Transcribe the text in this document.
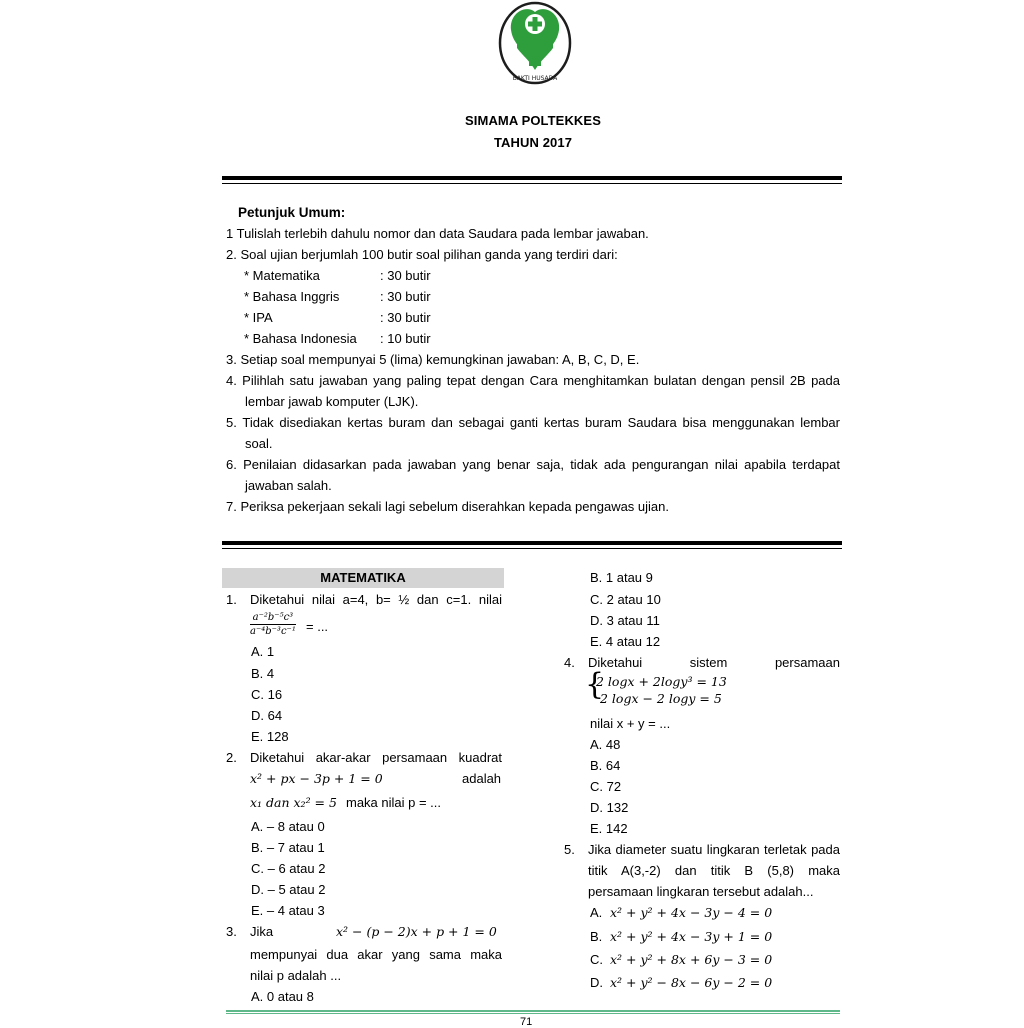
BAKTI HUSADA
SIMAMA POLTEKKES
TAHUN 2017
Petunjuk Umum:
1 Tulislah terlebih dahulu nomor dan data Saudara pada lembar jawaban.
2. Soal ujian berjumlah 100 butir soal pilihan ganda yang terdiri dari:
* Matematika	: 30 butir
* Bahasa Inggris	: 30 butir
* IPA	: 30 butir
* Bahasa Indonesia : 10 butir
3. Setiap soal mempunyai 5 (lima) kemungkinan jawaban: A, B, C, D, E.
4. Pilihlah satu jawaban yang paling tepat dengan Cara menghitamkan bulatan dengan pensil 2B pada
lembar jawab komputer (LJK).
5. Tidak disediakan kertas buram dan sebagai ganti kertas buram Saudara bisa menggunakan lembar
soal.
6. Penilaian didasarkan pada jawaban yang benar saja, tidak ada pengurangan nilai apabila terdapat
jawaban salah.
7. Periksa pekerjaan sekali lagi sebelum diserahkan kepada pengawas ujian.
MATEMATIKA
1. Diketahui nilai a=4, b= ½ dan c=1. nilai
$\frac{\text{a⁻²b⁻⁵c³}}{\text{a⁻⁴b⁻³c⁻¹}}$ = ...
A. 1
B. 4
C. 16
D. 64
E. 128
2. Diketahui akar-akar persamaan kuadrat
x² + px − 3p + 1 = 0	adalah
x₁ dan x₂² = 5 maka nilai p = ...
A. – 8 atau 0
B. – 7 atau 1
C. – 6 atau 2
D. – 5 atau 2
E. – 4 atau 3
3. Jika	x² − (p − 2)x + p + 1 = 0
mempunyai dua akar yang sama maka
nilai p adalah ...
A. 0 atau 8
B. 1 atau 9
C. 2 atau 10
D. 3 atau 11
E. 4 atau 12
4. Diketahui sistem persamaan
{
2 logx + 2logy³ = 13
2 logx − 2 logy = 5
nilai x + y = ...
A. 48
B. 64
C. 72
D. 132
E. 142
5. Jika diameter suatu lingkaran terletak pada
titik A(3,-2) dan titik B (5,8) maka
persamaan lingkaran tersebut adalah...
A. x² + y² + 4x − 3y − 4 = 0
B. x² + y² + 4x − 3y + 1 = 0
C. x² + y² + 8x + 6y − 3 = 0
D. x² + y² − 8x − 6y − 2 = 0
71
